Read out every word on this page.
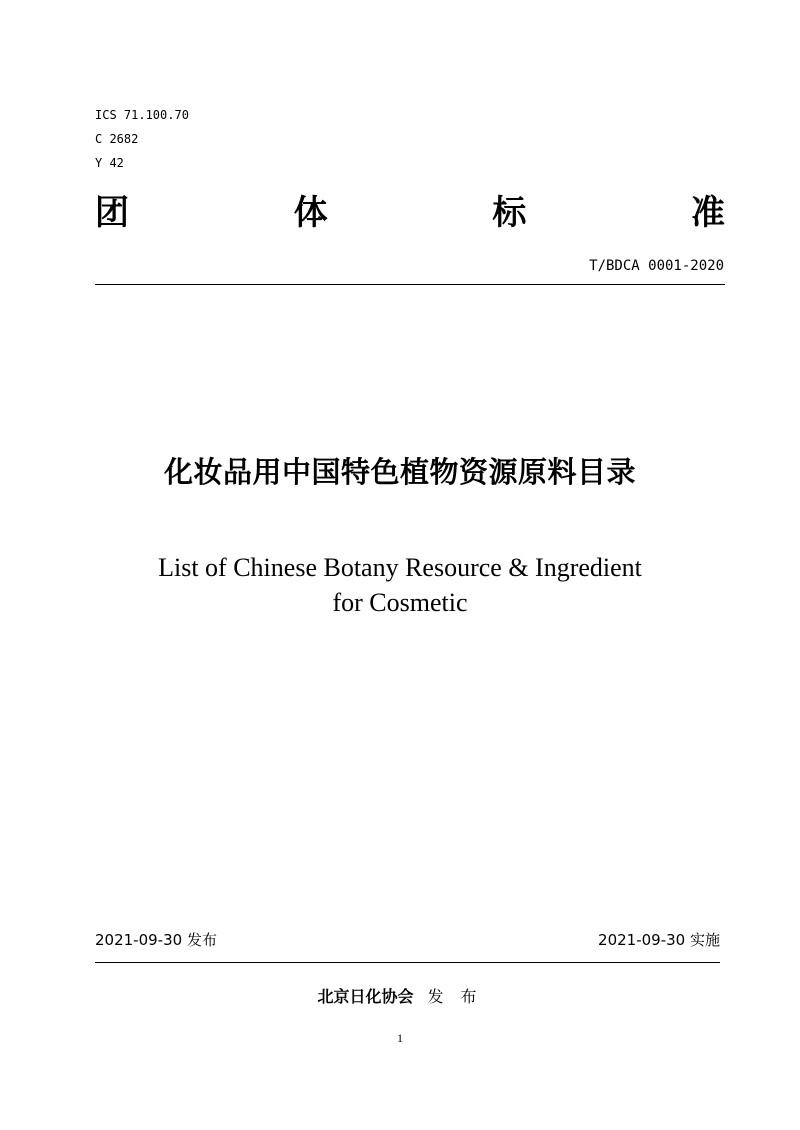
ICS 71.100.70
C 2682
Y 42
团	体	标	准
T/BDCA 0001-2020
化妆品用中国特色植物资源原料目录
List of Chinese Botany Resource & Ingredient
for Cosmetic
2021-09-30 发布	2021-09-30 实施
北京日化协会 发 布
1
